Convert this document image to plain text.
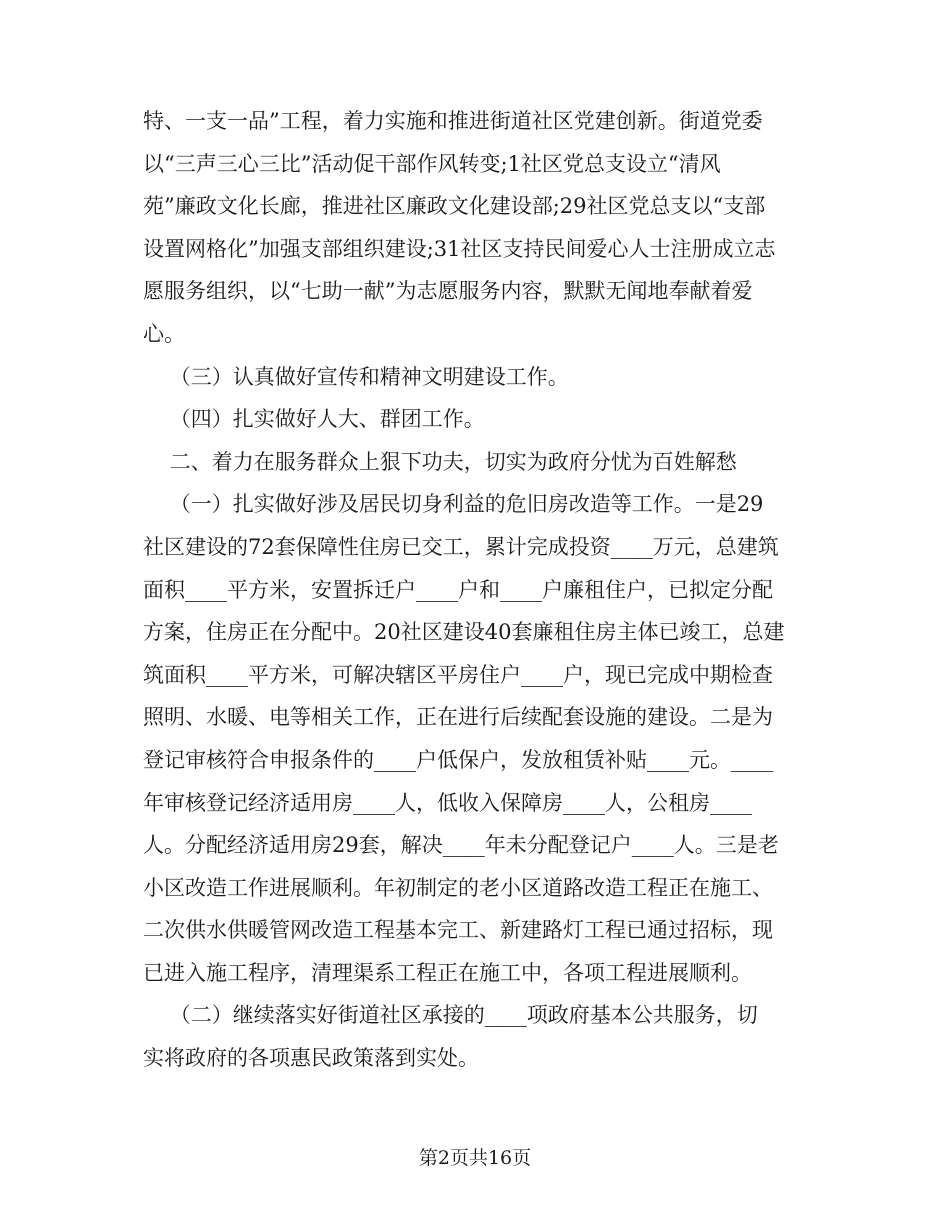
特、一支一品”工程，着力实施和推进街道社区党建创新。街道党委
以“三声三心三比”活动促干部作风转变;1社区党总支设立“清风
苑”廉政文化长廊，推进社区廉政文化建设部;29社区党总支以“支部
设置网格化”加强支部组织建设;31社区支持民间爱心人士注册成立志
愿服务组织，以“七助一献”为志愿服务内容，默默无闻地奉献着爱
心。
（三）认真做好宣传和精神文明建设工作。
（四）扎实做好人大、群团工作。
二、着力在服务群众上狠下功夫，切实为政府分忧为百姓解愁
（一）扎实做好涉及居民切身利益的危旧房改造等工作。一是29
社区建设的72套保障性住房已交工，累计完成投资____万元，总建筑
面积____平方米，安置拆迁户____户和____户廉租住户，已拟定分配
方案，住房正在分配中。20社区建设40套廉租住房主体已竣工，总建
筑面积____平方米，可解决辖区平房住户____户，现已完成中期检查
照明、水暖、电等相关工作，正在进行后续配套设施的建设。二是为
登记审核符合申报条件的____户低保户，发放租赁补贴____元。____
年审核登记经济适用房____人，低收入保障房____人，公租房____
人。分配经济适用房29套，解决____年未分配登记户____人。三是老
小区改造工作进展顺利。年初制定的老小区道路改造工程正在施工、
二次供水供暖管网改造工程基本完工、新建路灯工程已通过招标，现
已进入施工程序，清理渠系工程正在施工中，各项工程进展顺利。
（二）继续落实好街道社区承接的____项政府基本公共服务，切
实将政府的各项惠民政策落到实处。
第2页共16页
